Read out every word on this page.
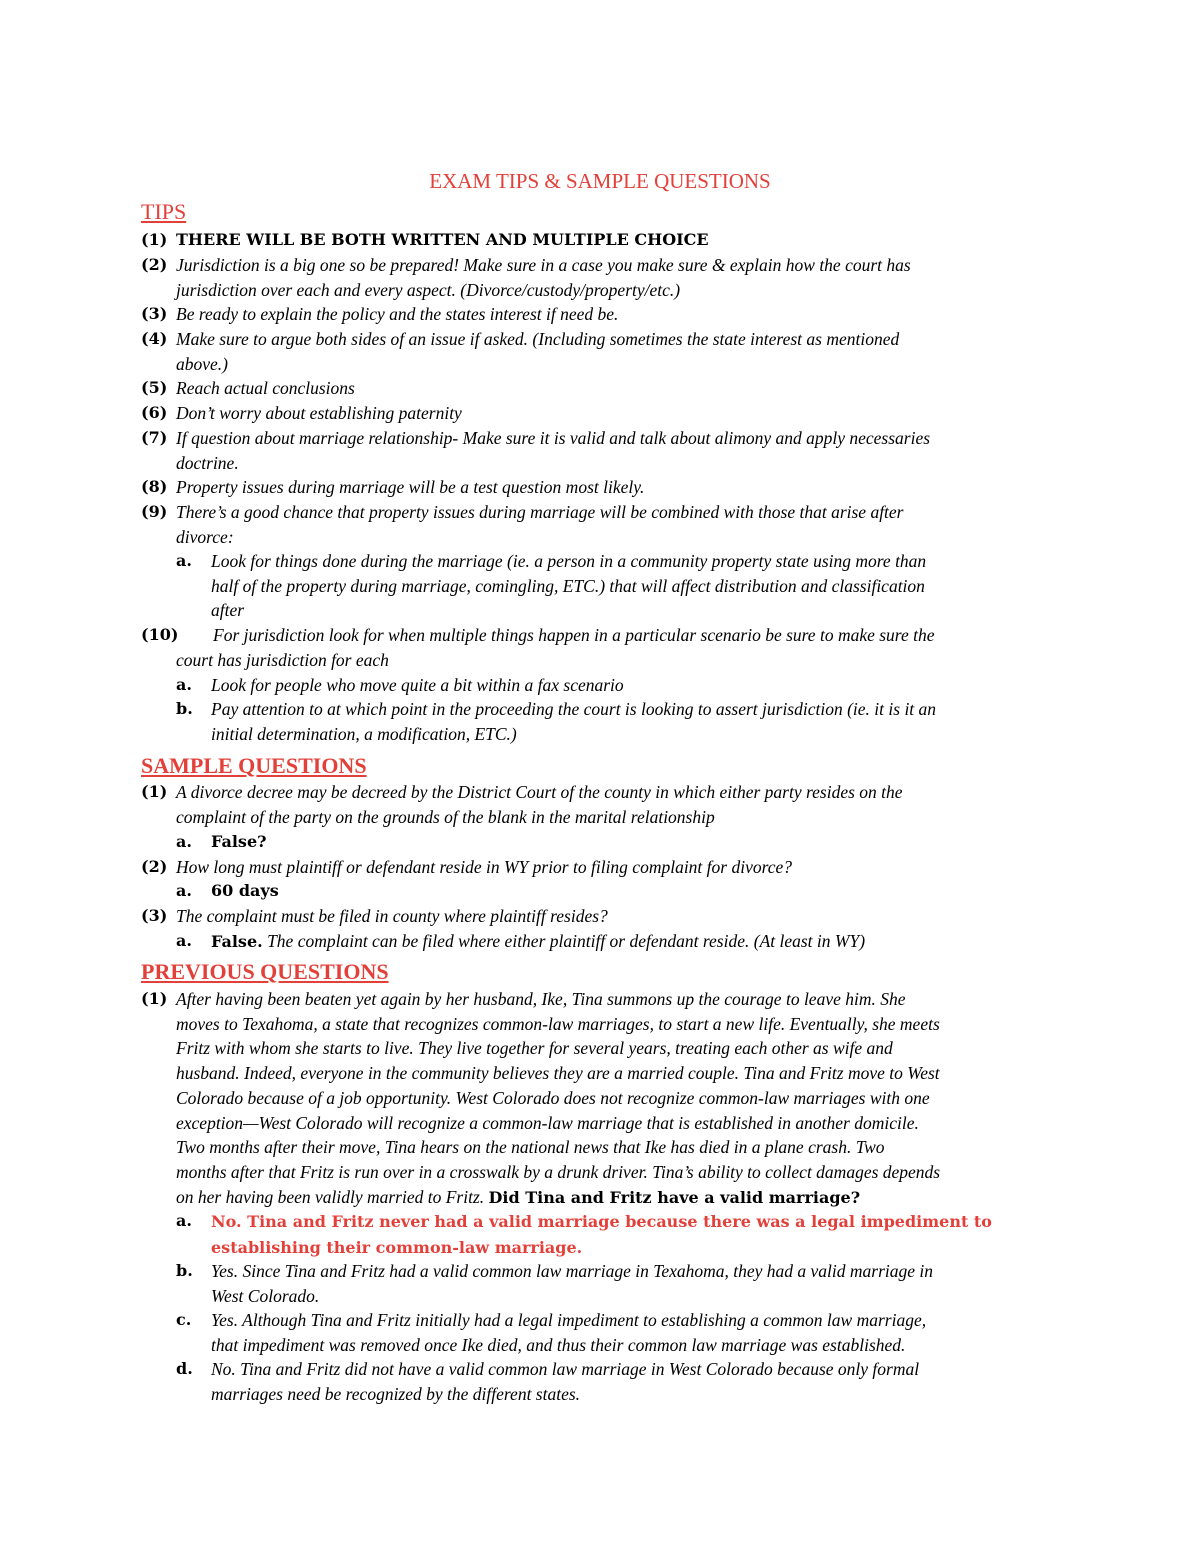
EXAM TIPS & SAMPLE QUESTIONS
TIPS
(1) THERE WILL BE BOTH WRITTEN AND MULTIPLE CHOICE
(2) Jurisdiction is a big one so be prepared! Make sure in a case you make sure & explain how the court has
jurisdiction over each and every aspect. (Divorce/custody/property/etc.)
(3) Be ready to explain the policy and the states interest if need be.
(4) Make sure to argue both sides of an issue if asked. (Including sometimes the state interest as mentioned
above.)
(5) Reach actual conclusions
(6) Don’t worry about establishing paternity
(7) If question about marriage relationship- Make sure it is valid and talk about alimony and apply necessaries
doctrine.
(8) Property issues during marriage will be a test question most likely.
(9) There’s a good chance that property issues during marriage will be combined with those that arise after
divorce:
a.	Look for things done during the marriage (ie. a person in a community property state using more than
half of the property during marriage, comingling, ETC.) that will affect distribution and classification
after
(10)	For jurisdiction look for when multiple things happen in a particular scenario be sure to make sure the
court has jurisdiction for each
a.	Look for people who move quite a bit within a fax scenario
b.	Pay attention to at which point in the proceeding the court is looking to assert jurisdiction (ie. it is it an
initial determination, a modification, ETC.)
SAMPLE QUESTIONS
(1) A divorce decree may be decreed by the District Court of the county in which either party resides on the
complaint of the party on the grounds of the blank in the marital relationship
a.	False?
(2) How long must plaintiff or defendant reside in WY prior to filing complaint for divorce?
a.	60 days
(3) The complaint must be filed in county where plaintiff resides?
a.	False. The complaint can be filed where either plaintiff or defendant reside. (At least in WY)
PREVIOUS QUESTIONS
(1) After having been beaten yet again by her husband, Ike, Tina summons up the courage to leave him. She
moves to Texahoma, a state that recognizes common-law marriages, to start a new life. Eventually, she meets
Fritz with whom she starts to live. They live together for several years, treating each other as wife and
husband. Indeed, everyone in the community believes they are a married couple. Tina and Fritz move to West
Colorado because of a job opportunity. West Colorado does not recognize common-law marriages with one
exception—West Colorado will recognize a common-law marriage that is established in another domicile.
Two months after their move, Tina hears on the national news that Ike has died in a plane crash. Two
months after that Fritz is run over in a crosswalk by a drunk driver. Tina’s ability to collect damages depends
on her having been validly married to Fritz. Did Tina and Fritz have a valid marriage?
a.	No. Tina and Fritz never had a valid marriage because there was a legal impediment to
establishing their common-law marriage.
b.	Yes. Since Tina and Fritz had a valid common law marriage in Texahoma, they had a valid marriage in
West Colorado.
c.	Yes. Although Tina and Fritz initially had a legal impediment to establishing a common law marriage,
that impediment was removed once Ike died, and thus their common law marriage was established.
d.	No. Tina and Fritz did not have a valid common law marriage in West Colorado because only formal
marriages need be recognized by the different states.
